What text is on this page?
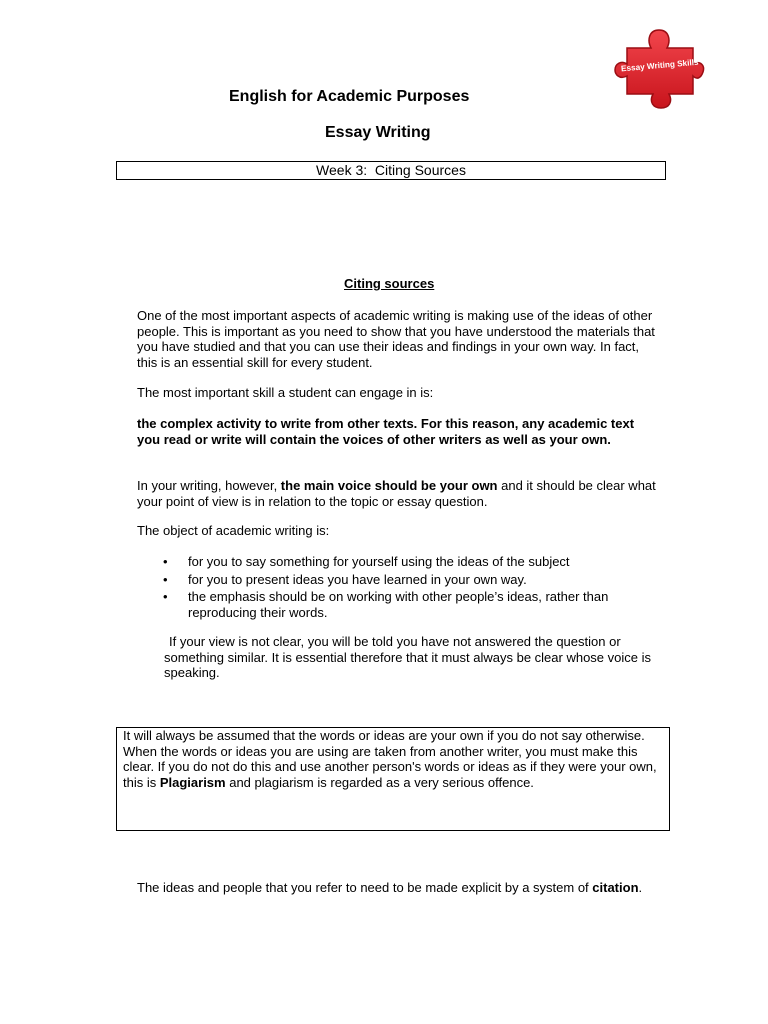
Essay Writing Skills
English for Academic Purposes
Essay Writing
Week 3:  Citing Sources
Citing sources
One of the most important aspects of academic writing is making use of the ideas of other people. This is important as you need to show that you have understood the materials that you have studied and that you can use their ideas and findings in your own way. In fact, this is an essential skill for every student.
The most important skill a student can engage in is:
the complex activity to write from other texts. For this reason, any academic text you read or write will contain the voices of other writers as well as your own.
In your writing, however, the main voice should be your own and it should be clear what your point of view is in relation to the topic or essay question.
The object of academic writing is:
• for you to say something for yourself using the ideas of the subject
• for you to present ideas you have learned in your own way.
• the emphasis should be on working with other people’s ideas, rather than reproducing their words.
If your view is not clear, you will be told you have not answered the question or something similar. It is essential therefore that it must always be clear whose voice is speaking.
It will always be assumed that the words or ideas are your own if you do not say otherwise. When the words or ideas you are using are taken from another writer, you must make this clear. If you do not do this and use another person's words or ideas as if they were your own, this is Plagiarism and plagiarism is regarded as a very serious offence.
The ideas and people that you refer to need to be made explicit by a system of citation.
